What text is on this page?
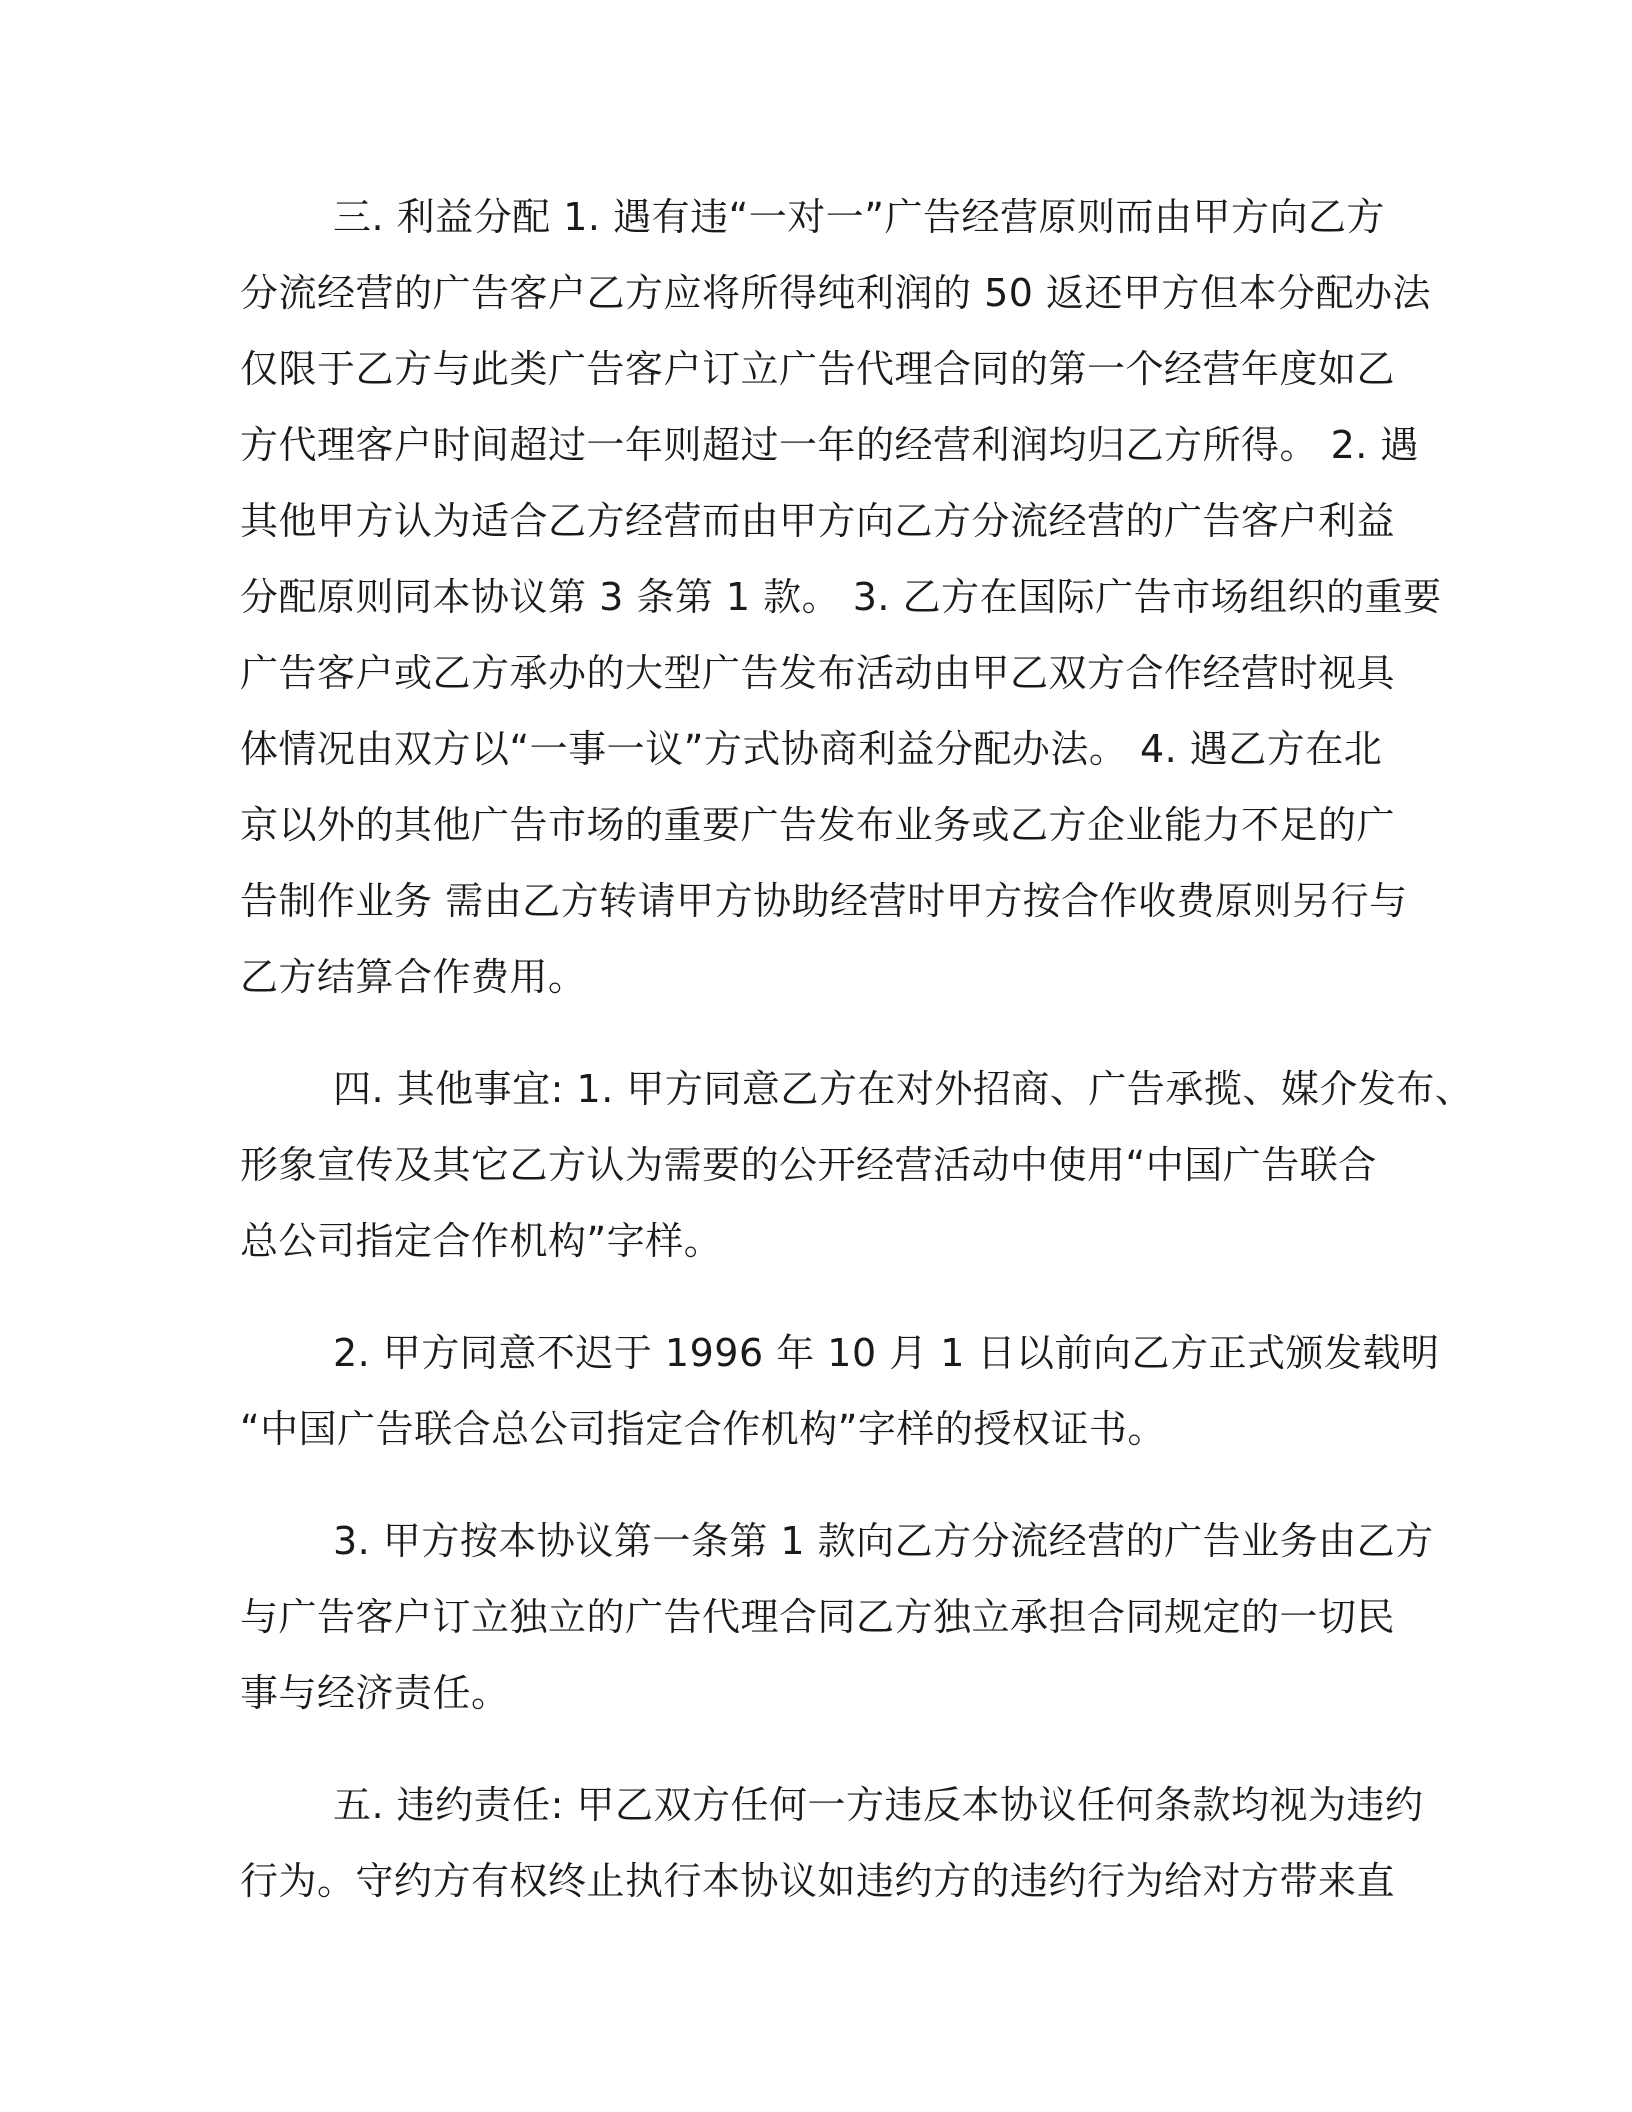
三. 利益分配 1. 遇有违“一对一”广告经营原则而由甲方向乙方
分流经营的广告客户乙方应将所得纯利润的 50 返还甲方但本分配办法
仅限于乙方与此类广告客户订立广告代理合同的第一个经营年度如乙
方代理客户时间超过一年则超过一年的经营利润均归乙方所得。 2. 遇
其他甲方认为适合乙方经营而由甲方向乙方分流经营的广告客户利益
分配原则同本协议第 3 条第 1 款。 3. 乙方在国际广告市场组织的重要
广告客户或乙方承办的大型广告发布活动由甲乙双方合作经营时视具
体情况由双方以“一事一议”方式协商利益分配办法。 4. 遇乙方在北
京以外的其他广告市场的重要广告发布业务或乙方企业能力不足的广
告制作业务 需由乙方转请甲方协助经营时甲方按合作收费原则另行与
乙方结算合作费用。
四. 其他事宜: 1. 甲方同意乙方在对外招商、广告承揽、媒介发布、
形象宣传及其它乙方认为需要的公开经营活动中使用“中国广告联合
总公司指定合作机构”字样。
2. 甲方同意不迟于 1996 年 10 月 1 日以前向乙方正式颁发载明
“中国广告联合总公司指定合作机构”字样的授权证书。
3. 甲方按本协议第一条第 1 款向乙方分流经营的广告业务由乙方
与广告客户订立独立的广告代理合同乙方独立承担合同规定的一切民
事与经济责任。
五. 违约责任: 甲乙双方任何一方违反本协议任何条款均视为违约
行为。守约方有权终止执行本协议如违约方的违约行为给对方带来直
